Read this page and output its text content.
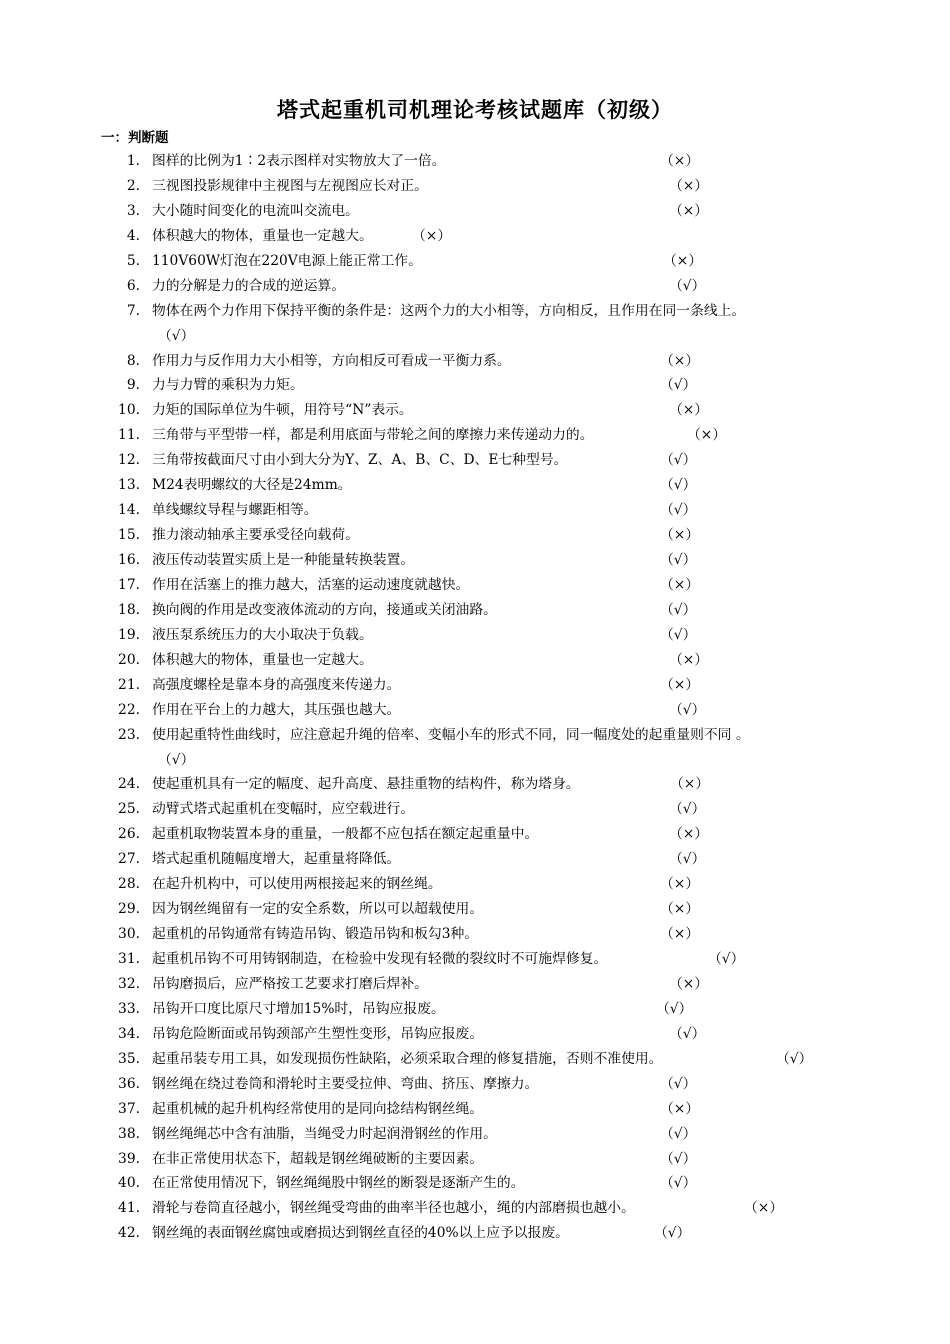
塔式起重机司机理论考核试题库（初级）
一：判断题
1. 图样的比例为1∶2表示图样对实物放大了一倍。	（×）
2. 三视图投影规律中主视图与左视图应长对正。	（×）
3. 大小随时间变化的电流叫交流电。	（×）
4. 体积越大的物体，重量也一定越大。	（×）
5. 110V60W灯泡在220V电源上能正常工作。	（×）
6. 力的分解是力的合成的逆运算。	（√）
7. 物体在两个力作用下保持平衡的条件是：这两个力的大小相等，方向相反，且作用在同一条线上。
（√）
8. 作用力与反作用力大小相等，方向相反可看成一平衡力系。	（×）
9. 力与力臂的乘积为力矩。	（√）
10. 力矩的国际单位为牛顿，用符号“N”表示。	（×）
11. 三角带与平型带一样，都是利用底面与带轮之间的摩擦力来传递动力的。	（×）
12. 三角带按截面尺寸由小到大分为Y、Z、A、B、C、D、E七种型号。	（√）
13. M24表明螺纹的大径是24mm。	（√）
14. 单线螺纹导程与螺距相等。	（√）
15. 推力滚动轴承主要承受径向载荷。	（×）
16. 液压传动装置实质上是一种能量转换装置。	（√）
17. 作用在活塞上的推力越大，活塞的运动速度就越快。	（×）
18. 换向阀的作用是改变液体流动的方向，接通或关闭油路。	（√）
19. 液压泵系统压力的大小取决于负载。	（√）
20. 体积越大的物体，重量也一定越大。	（×）
21. 高强度螺栓是靠本身的高强度来传递力。	（×）
22. 作用在平台上的力越大，其压强也越大。	（√）
23. 使用起重特性曲线时，应注意起升绳的倍率、变幅小车的形式不同，同一幅度处的起重量则不同 。
（√）
24. 使起重机具有一定的幅度、起升高度、悬挂重物的结构件，称为塔身。	（×）
25. 动臂式塔式起重机在变幅时，应空载进行。	（√）
26. 起重机取物装置本身的重量，一般都不应包括在额定起重量中。	（×）
27. 塔式起重机随幅度增大，起重量将降低。	（√）
28. 在起升机构中，可以使用两根接起来的钢丝绳。	（×）
29. 因为钢丝绳留有一定的安全系数，所以可以超载使用。	（×）
30. 起重机的吊钩通常有铸造吊钩、锻造吊钩和板勾3种。	（×）
31. 起重机吊钩不可用铸钢制造，在检验中发现有轻微的裂纹时不可施焊修复。	（√）
32. 吊钩磨损后，应严格按工艺要求打磨后焊补。	（×）
33. 吊钩开口度比原尺寸增加15%时，吊钩应报废。	（√）
34. 吊钩危险断面或吊钩颈部产生塑性变形，吊钩应报废。	（√）
35. 起重吊装专用工具，如发现损伤性缺陷，必须采取合理的修复措施，否则不准使用。	（√）
36. 钢丝绳在绕过卷筒和滑轮时主要受拉伸、弯曲、挤压、摩擦力。	（√）
37. 起重机械的起升机构经常使用的是同向捻结构钢丝绳。	（×）
38. 钢丝绳绳芯中含有油脂，当绳受力时起润滑钢丝的作用。	（√）
39. 在非正常使用状态下，超载是钢丝绳破断的主要因素。	（√）
40. 在正常使用情况下，钢丝绳绳股中钢丝的断裂是逐渐产生的。	（√）
41. 滑轮与卷筒直径越小，钢丝绳受弯曲的曲率半径也越小，绳的内部磨损也越小。	（×）
42. 钢丝绳的表面钢丝腐蚀或磨损达到钢丝直径的40%以上应予以报废。	（√）
